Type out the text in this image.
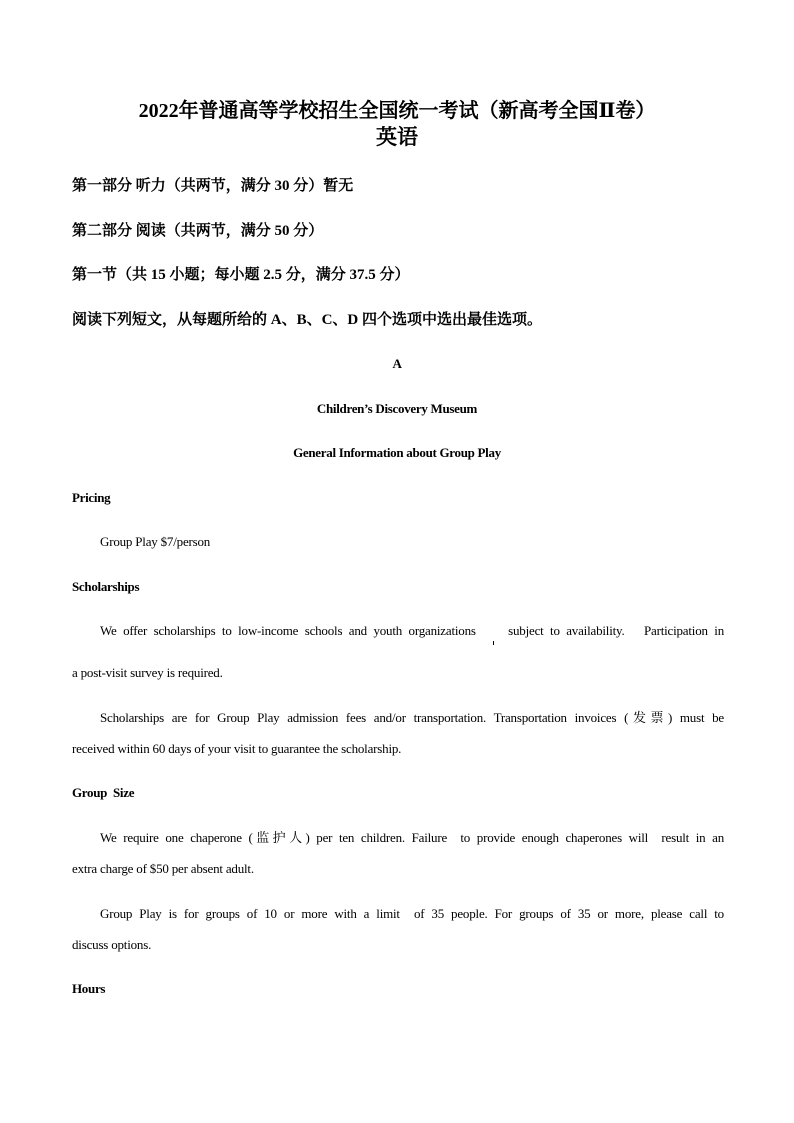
2022年普通高等学校招生全国统一考试（新高考全国Ⅱ卷）
英语
第一部分 听力（共两节，满分 30 分）暂无
第二部分 阅读（共两节，满分 50 分）
第一节（共 15 小题；每小题 2.5 分，满分 37.5 分）
阅读下列短文，从每题所给的 A、B、C、D 四个选项中选出最佳选项。
A
Children’s Discovery Museum
General Information about Group Play
Pricing
Group Play $7/person
Scholarships
We offer scholarships to low-income schools and youth organizations     subject to availability.   Participation in
a post-visit survey is required.
Scholarships are for Group Play admission fees and/or transportation. Transportation invoices (发票) must be
received within 60 days of your visit to guarantee the scholarship.
Group  Size
We require one chaperone (监护人) per ten children. Failure  to provide enough chaperones will  result in an
extra charge of $50 per absent adult.
Group Play is for groups of 10 or more with a limit  of 35 people. For groups of 35 or more, please call to
discuss options.
Hours
